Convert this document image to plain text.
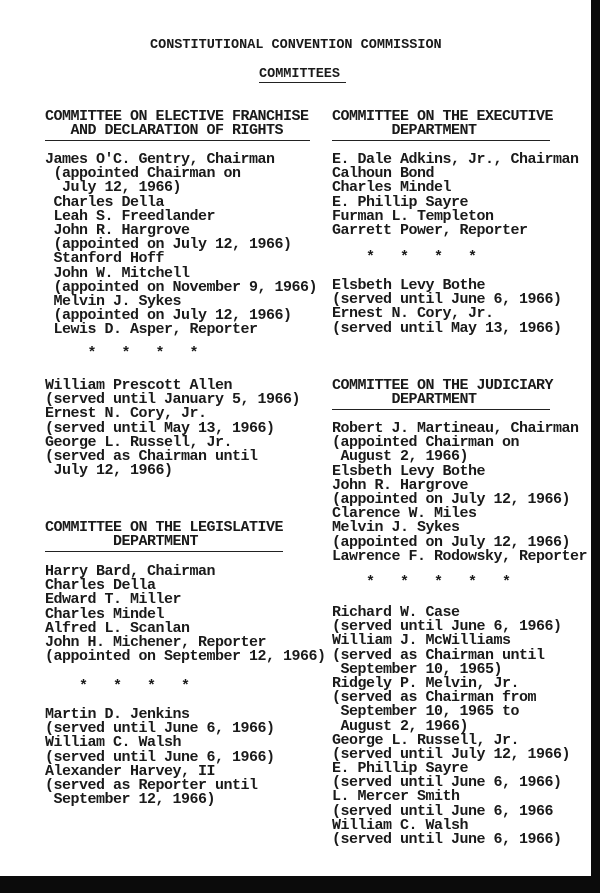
CONSTITUTIONAL CONVENTION COMMISSION
COMMITTEES
COMMITTEE ON ELECTIVE FRANCHISE
AND DECLARATION OF RIGHTS
James O'C. Gentry, Chairman
(appointed Chairman on
July 12, 1966)
Charles Della
Leah S. Freedlander
John R. Hargrove
(appointed on July 12, 1966)
Stanford Hoff
John W. Mitchell
(appointed on November 9, 1966)
Melvin J. Sykes
(appointed on July 12, 1966)
Lewis D. Asper, Reporter
*   *   *   *
William Prescott Allen
(served until January 5, 1966)
Ernest N. Cory, Jr.
(served until May 13, 1966)
George L. Russell, Jr.
(served as Chairman until
July 12, 1966)
COMMITTEE ON THE LEGISLATIVE
DEPARTMENT
Harry Bard, Chairman
Charles Della
Edward T. Miller
Charles Mindel
Alfred L. Scanlan
John H. Michener, Reporter
(appointed on September 12, 1966)
*   *   *   *
Martin D. Jenkins
(served until June 6, 1966)
William C. Walsh
(served until June 6, 1966)
Alexander Harvey, II
(served as Reporter until
September 12, 1966)
COMMITTEE ON THE EXECUTIVE
DEPARTMENT
E. Dale Adkins, Jr., Chairman
Calhoun Bond
Charles Mindel
E. Phillip Sayre
Furman L. Templeton
Garrett Power, Reporter
*   *   *   *
Elsbeth Levy Bothe
(served until June 6, 1966)
Ernest N. Cory, Jr.
(served until May 13, 1966)
COMMITTEE ON THE JUDICIARY
DEPARTMENT
Robert J. Martineau, Chairman
(appointed Chairman on
August 2, 1966)
Elsbeth Levy Bothe
John R. Hargrove
(appointed on July 12, 1966)
Clarence W. Miles
Melvin J. Sykes
(appointed on July 12, 1966)
Lawrence F. Rodowsky, Reporter
*   *   *   *   *
Richard W. Case
(served until June 6, 1966)
William J. McWilliams
(served as Chairman until
September 10, 1965)
Ridgely P. Melvin, Jr.
(served as Chairman from
September 10, 1965 to
August 2, 1966)
George L. Russell, Jr.
(served until July 12, 1966)
E. Phillip Sayre
(served until June 6, 1966)
L. Mercer Smith
(served until June 6, 1966
William C. Walsh
(served until June 6, 1966)
